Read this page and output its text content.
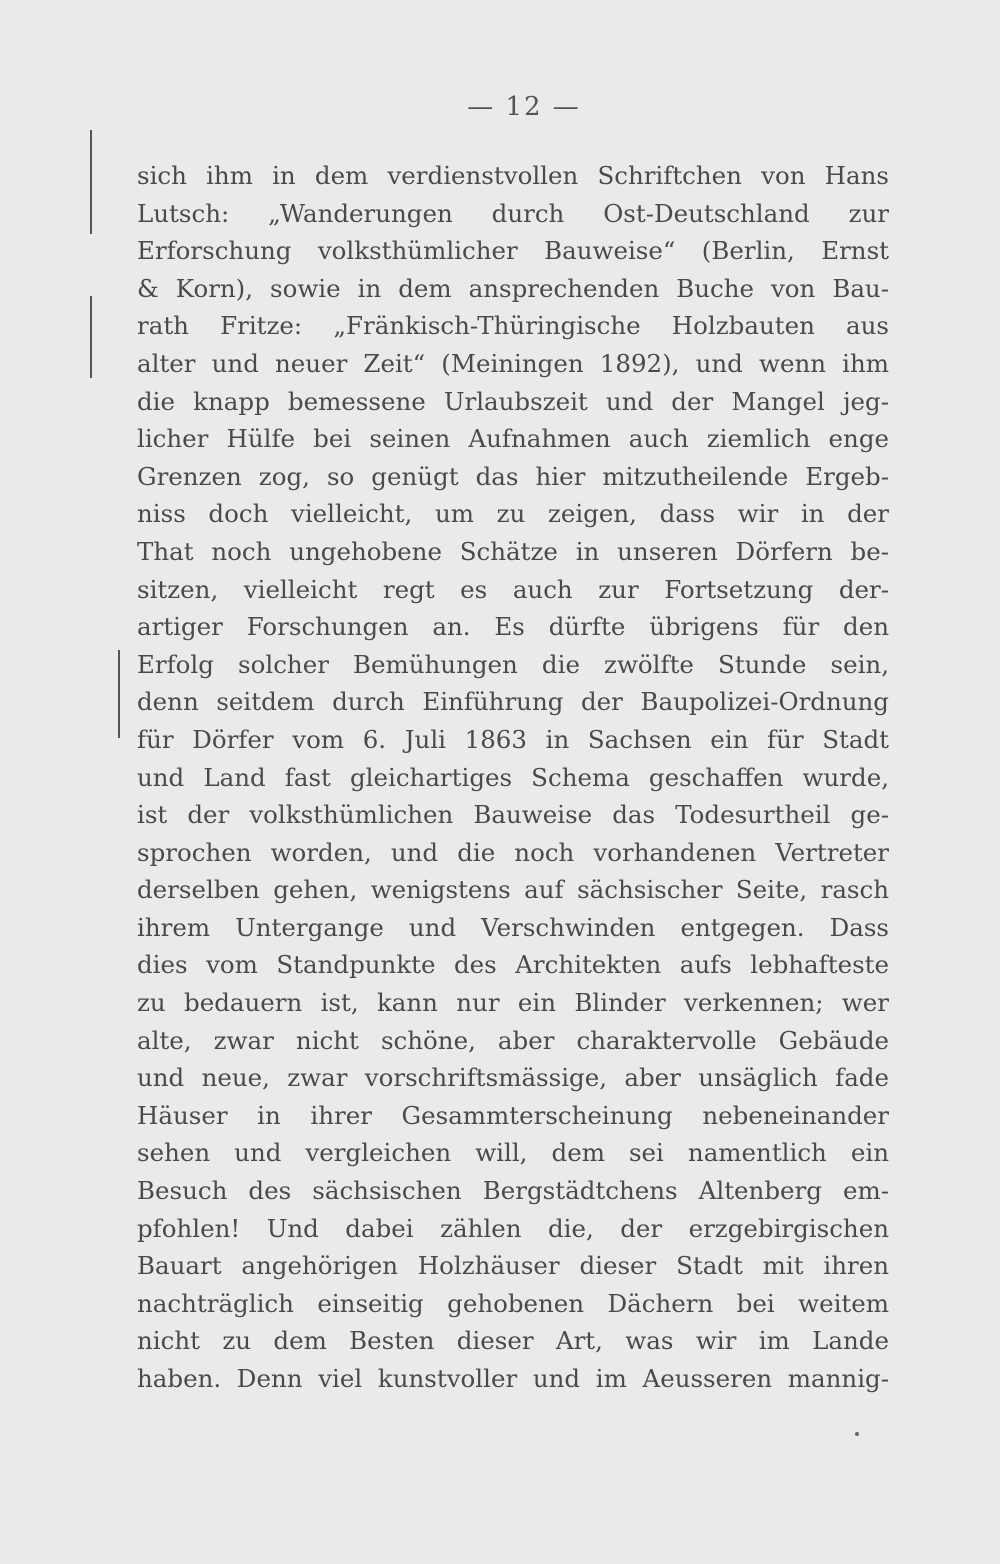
— 12 —
sich ihm in dem verdienstvollen Schriftchen von Hans
Lutsch: „Wanderungen durch Ost-Deutschland zur
Erforschung volksthümlicher Bauweise“ (Berlin, Ernst
& Korn), sowie in dem ansprechenden Buche von Bau-
rath Fritze: „Fränkisch-Thüringische Holzbauten aus
alter und neuer Zeit“ (Meiningen 1892), und wenn ihm
die knapp bemessene Urlaubszeit und der Mangel jeg-
licher Hülfe bei seinen Aufnahmen auch ziemlich enge
Grenzen zog, so genügt das hier mitzutheilende Ergeb-
niss doch vielleicht, um zu zeigen, dass wir in der
That noch ungehobene Schätze in unseren Dörfern be-
sitzen, vielleicht regt es auch zur Fortsetzung der-
artiger Forschungen an. Es dürfte übrigens für den
Erfolg solcher Bemühungen die zwölfte Stunde sein,
denn seitdem durch Einführung der Baupolizei-Ordnung
für Dörfer vom 6. Juli 1863 in Sachsen ein für Stadt
und Land fast gleichartiges Schema geschaffen wurde,
ist der volksthümlichen Bauweise das Todesurtheil ge-
sprochen worden, und die noch vorhandenen Vertreter
derselben gehen, wenigstens auf sächsischer Seite, rasch
ihrem Untergange und Verschwinden entgegen. Dass
dies vom Standpunkte des Architekten aufs lebhafteste
zu bedauern ist, kann nur ein Blinder verkennen; wer
alte, zwar nicht schöne, aber charaktervolle Gebäude
und neue, zwar vorschriftsmässige, aber unsäglich fade
Häuser in ihrer Gesammterscheinung nebeneinander
sehen und vergleichen will, dem sei namentlich ein
Besuch des sächsischen Bergstädtchens Altenberg em-
pfohlen! Und dabei zählen die, der erzgebirgischen
Bauart angehörigen Holzhäuser dieser Stadt mit ihren
nachträglich einseitig gehobenen Dächern bei weitem
nicht zu dem Besten dieser Art, was wir im Lande
haben. Denn viel kunstvoller und im Aeusseren mannig-
